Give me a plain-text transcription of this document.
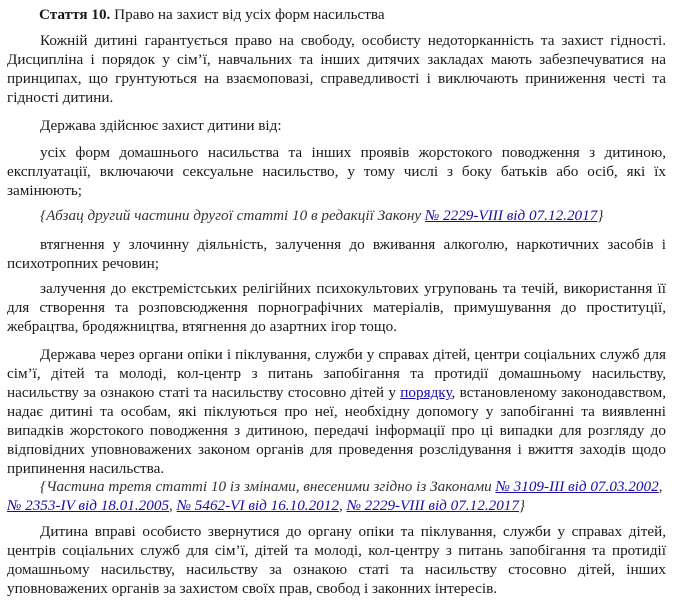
Стаття 10. Право на захист від усіх форм насильства

Кожній дитині гарантується право на свободу, особисту недоторканність та захист гідності. Дисципліна і порядок у сім’ї, навчальних та інших дитячих закладах мають забезпечуватися на принципах, що грунтуються на взаємоповазі, справедливості і виключають приниження честі та гідності дитини.

Держава здійснює захист дитини від:

усіх форм домашнього насильства та інших проявів жорстокого поводження з дитиною, експлуатації, включаючи сексуальне насильство, у тому числі з боку батьків або осіб, які їх замінюють;

{Абзац другий частини другої статті 10 в редакції Закону № 2229-VIII від 07.12.2017}

втягнення у злочинну діяльність, залучення до вживання алкоголю, наркотичних засобів і психотропних речовин;

залучення до екстремістських релігійних психокультових угруповань та течій, використання її для створення та розповсюдження порнографічних матеріалів, примушування до проституції, жебрацтва, бродяжництва, втягнення до азартних ігор тощо.

Держава через органи опіки і піклування, служби у справах дітей, центри соціальних служб для сім’ї, дітей та молоді, кол-центр з питань запобігання та протидії домашньому насильству, насильству за ознакою статі та насильству стосовно дітей у порядку, встановленому законодавством, надає дитині та особам, які піклуються про неї, необхідну допомогу у запобіганні та виявленні випадків жорстокого поводження з дитиною, передачі інформації про ці випадки для розгляду до відповідних уповноважених законом органів для проведення розслідування і вжиття заходів щодо припинення насильства.

{Частина третя статті 10 із змінами, внесеними згідно із Законами № 3109-III від 07.03.2002, № 2353-IV від 18.01.2005, № 5462-VI від 16.10.2012, № 2229-VIII від 07.12.2017}

Дитина вправі особисто звернутися до органу опіки та піклування, служби у справах дітей, центрів соціальних служб для сім’ї, дітей та молоді, кол-центру з питань запобігання та протидії домашньому насильству, насильству за ознакою статі та насильству стосовно дітей, інших уповноважених органів за захистом своїх прав, свобод і законних інтересів.
